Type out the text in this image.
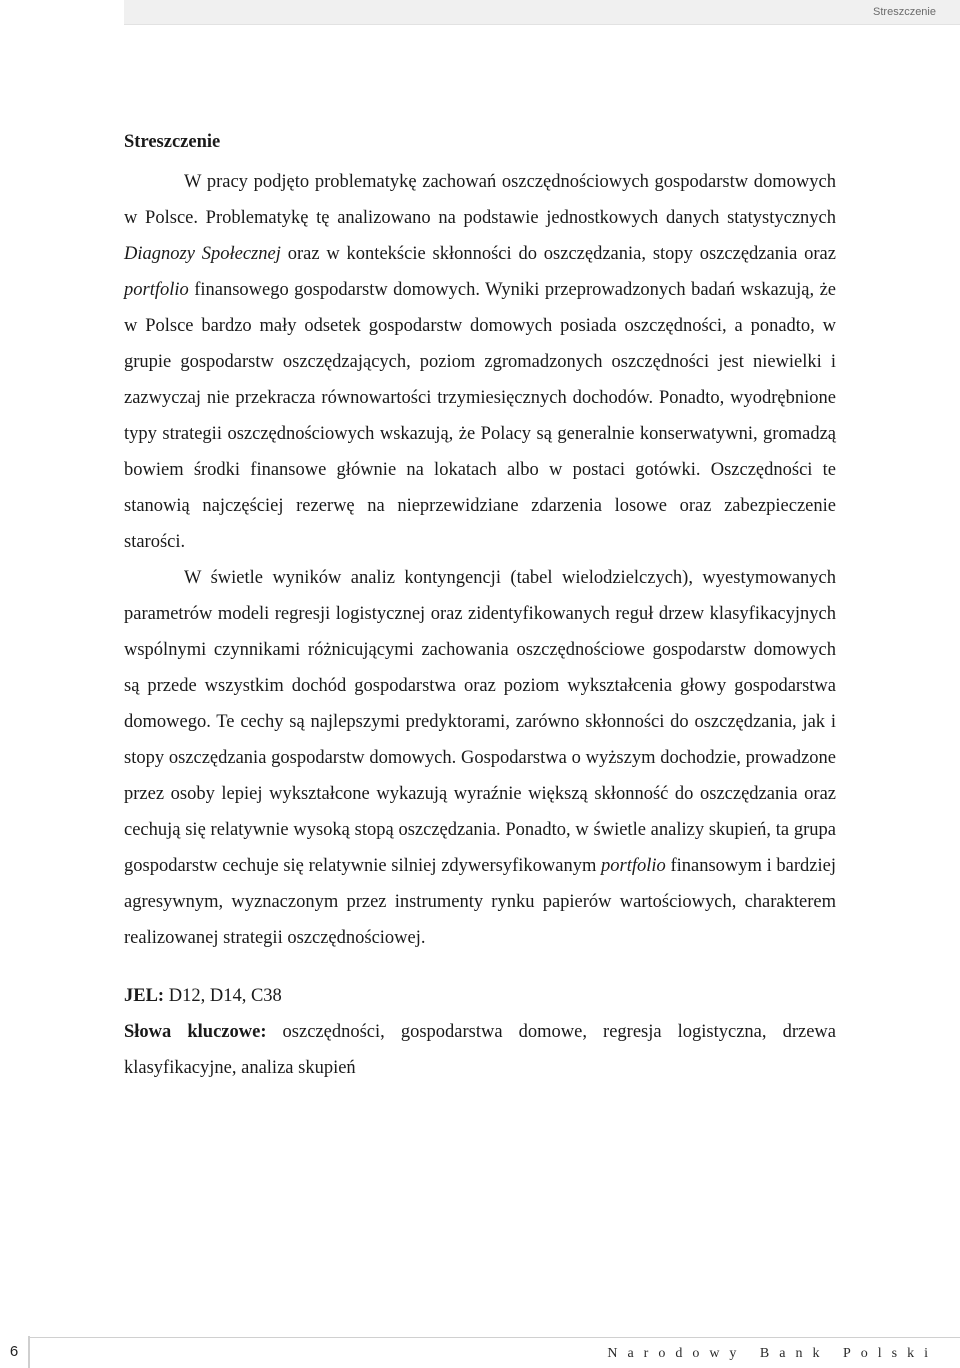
Streszczenie
Streszczenie

W pracy podjęto problematykę zachowań oszczędnościowych gospodarstw domowych w Polsce. Problematykę tę analizowano na podstawie jednostkowych danych statystycznych Diagnozy Społecznej oraz w kontekście skłonności do oszczędzania, stopy oszczędzania oraz portfolio finansowego gospodarstw domowych. Wyniki przeprowadzonych badań wskazują, że w Polsce bardzo mały odsetek gospodarstw domowych posiada oszczędności, a ponadto, w grupie gospodarstw oszczędzających, poziom zgromadzonych oszczędności jest niewielki i zazwyczaj nie przekracza równowartości trzymiesięcznych dochodów. Ponadto, wyodrębnione typy strategii oszczędnościowych wskazują, że Polacy są generalnie konserwatywni, gromadzą bowiem środki finansowe głównie na lokatach albo w postaci gotówki. Oszczędności te stanowią najczęściej rezerwę na nieprzewidziane zdarzenia losowe oraz zabezpieczenie starości.

W świetle wyników analiz kontyngencji (tabel wielodzielczych), wyestymowanych parametrów modeli regresji logistycznej oraz zidentyfikowanych reguł drzew klasyfikacyjnych wspólnymi czynnikami różnicującymi zachowania oszczędnościowe gospodarstw domowych są przede wszystkim dochód gospodarstwa oraz poziom wykształcenia głowy gospodarstwa domowego. Te cechy są najlepszymi predyktorami, zarówno skłonności do oszczędzania, jak i stopy oszczędzania gospodarstw domowych. Gospodarstwa o wyższym dochodzie, prowadzone przez osoby lepiej wykształcone wykazują wyraźnie większą skłonność do oszczędzania oraz cechują się relatywnie wysoką stopą oszczędzania. Ponadto, w świetle analizy skupień, ta grupa gospodarstw cechuje się relatywnie silniej zdywersyfikowanym portfolio finansowym i bardziej agresywnym, wyznaczonym przez instrumenty rynku papierów wartościowych, charakterem realizowanej strategii oszczędnościowej.

JEL: D12, D14, C38

Słowa kluczowe: oszczędności, gospodarstwa domowe, regresja logistyczna, drzewa klasyfikacyjne, analiza skupień

6	Narodowy Bank Polski
